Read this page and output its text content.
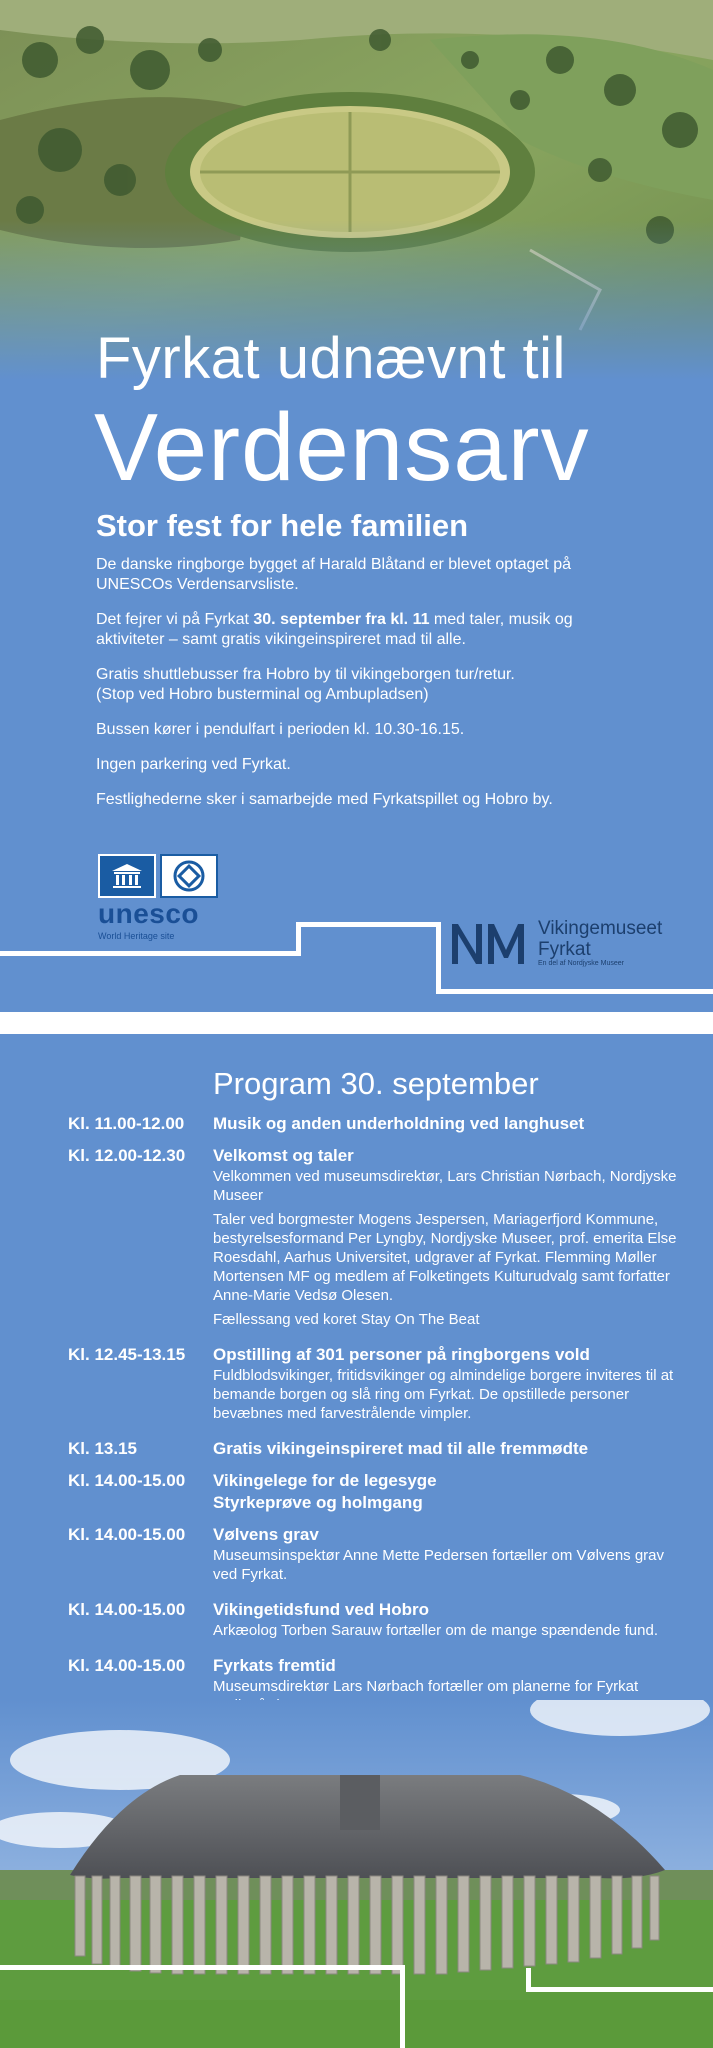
Fyrkat udnævnt til
Verdensarv
Stor fest for hele familien

De danske ringborge bygget af Harald Blåtand er blevet optaget på UNESCOs Verdensarvsliste.

Det fejrer vi på Fyrkat 30. september fra kl. 11 med taler, musik og aktiviteter – samt gratis vikingeinspireret mad til alle.

Gratis shuttlebusser fra Hobro by til vikingeborgen tur/retur.
(Stop ved Hobro busterminal og Ambupladsen)

Bussen kører i pendulfart i perioden kl. 10.30-16.15.

Ingen parkering ved Fyrkat.

Festlighederne sker i samarbejde med Fyrkatspillet og Hobro by.

unesco
World Heritage site	Vikingemuseet
Fyrkat
En del af Nordjyske Museer
Program 30. september
Kl. 11.00-12.00	Musik og anden underholdning ved langhuset
Kl. 12.00-12.30	Velkomst og taler
Velkommen ved museumsdirektør, Lars Christian Nørbach, Nordjyske Museer
Taler ved borgmester Mogens Jespersen, Mariagerfjord Kommune, bestyrelsesformand Per Lyngby, Nordjyske Museer, prof. emerita Else Roesdahl, Aarhus Universitet, udgraver af Fyrkat. Flemming Møller Mortensen MF og medlem af Folketingets Kulturudvalg samt forfatter Anne-Marie Vedsø Olesen.
Fællessang ved koret Stay On The Beat
Kl. 12.45-13.15	Opstilling af 301 personer på ringborgens vold
Fuldblodsvikinger, fritidsvikinger og almindelige borgere inviteres til at bemande borgen og slå ring om Fyrkat. De opstillede personer bevæbnes med farvestrålende vimpler.
Kl. 13.15	Gratis vikingeinspireret mad til alle fremmødte
Kl. 14.00-15.00	Vikingelege for de legesyge
Styrkeprøve og holmgang
Kl. 14.00-15.00	Vølvens grav
Museumsinspektør Anne Mette Pedersen fortæller om Vølvens grav ved Fyrkat.
Kl. 14.00-15.00	Vikingetidsfund ved Hobro
Arkæolog Torben Sarauw fortæller om de mange spændende fund.
Kl. 14.00-15.00	Fyrkats fremtid
Museumsdirektør Lars Nørbach fortæller om planerne for Fyrkat
